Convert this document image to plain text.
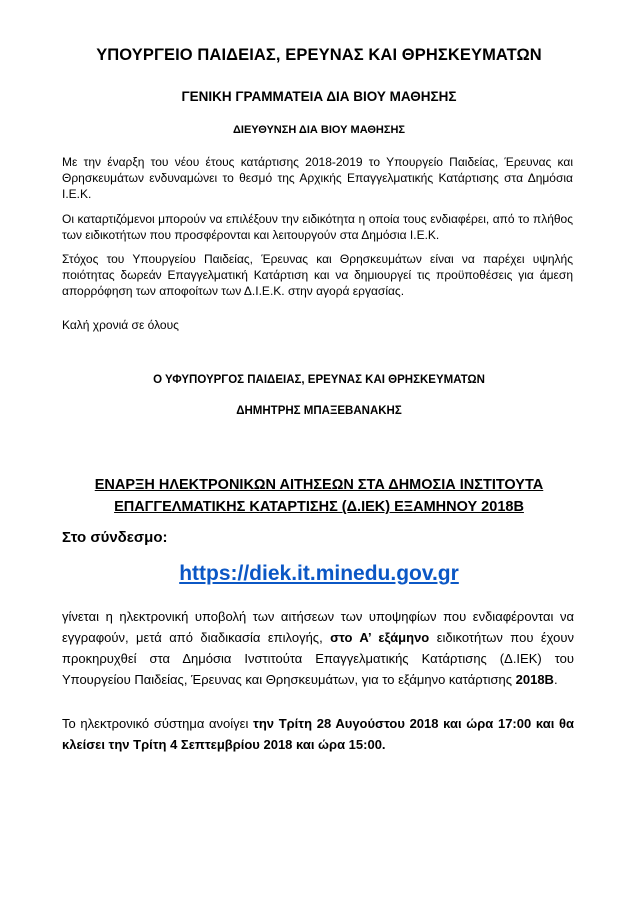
ΥΠΟΥΡΓΕΙΟ ΠΑΙΔΕΙΑΣ, ΕΡΕΥΝΑΣ ΚΑΙ ΘΡΗΣΚΕΥΜΑΤΩΝ
ΓΕΝΙΚΗ ΓΡΑΜΜΑΤΕΙΑ ΔΙΑ ΒΙΟΥ ΜΑΘΗΣΗΣ
ΔΙΕΥΘΥΝΣΗ ΔΙΑ ΒΙΟΥ ΜΑΘΗΣΗΣ
Με την έναρξη του νέου έτους κατάρτισης 2018-2019 το Υπουργείο Παιδείας, Έρευνας και Θρησκευμάτων ενδυναμώνει το θεσμό της Αρχικής Επαγγελματικής Κατάρτισης στα Δημόσια Ι.Ε.Κ.
Οι καταρτιζόμενοι μπορούν να επιλέξουν την ειδικότητα η οποία τους ενδιαφέρει, από το πλήθος των ειδικοτήτων που προσφέρονται και λειτουργούν στα Δημόσια Ι.Ε.Κ.
Στόχος του Υπουργείου Παιδείας, Έρευνας και Θρησκευμάτων είναι να παρέχει υψηλής ποιότητας δωρεάν Επαγγελματική Κατάρτιση και να δημιουργεί τις προϋποθέσεις για άμεση απορρόφηση των αποφοίτων των Δ.Ι.Ε.Κ. στην αγορά εργασίας.
Καλή χρονιά σε όλους
Ο ΥΦΥΠΟΥΡΓΟΣ ΠΑΙΔΕΙΑΣ, ΕΡΕΥΝΑΣ ΚΑΙ ΘΡΗΣΚΕΥΜΑΤΩΝ
ΔΗΜΗΤΡΗΣ ΜΠΑΞΕΒΑΝΑΚΗΣ
ΕΝΑΡΞΗ ΗΛΕΚΤΡΟΝΙΚΩΝ ΑΙΤΗΣΕΩΝ ΣΤΑ ΔΗΜΟΣΙΑ ΙΝΣΤΙΤΟΥΤΑ
ΕΠΑΓΓΕΛΜΑΤΙΚΗΣ ΚΑΤΑΡΤΙΣΗΣ (Δ.ΙΕΚ) ΕΞΑΜΗΝΟΥ 2018Β
Στο σύνδεσμο:
https://diek.it.minedu.gov.gr
γίνεται η ηλεκτρονική υποβολή των αιτήσεων των υποψηφίων που ενδιαφέρονται να εγγραφούν, μετά από διαδικασία επιλογής, στο Α’ εξάμηνο ειδικοτήτων που έχουν προκηρυχθεί στα Δημόσια Ινστιτούτα Επαγγελματικής Κατάρτισης (Δ.ΙΕΚ) του Υπουργείου Παιδείας, Έρευνας και Θρησκευμάτων, για το εξάμηνο κατάρτισης 2018Β.
Το ηλεκτρονικό σύστημα ανοίγει την Τρίτη 28 Αυγούστου 2018 και ώρα 17:00 και θα κλείσει την Τρίτη 4 Σεπτεμβρίου 2018 και ώρα 15:00.
